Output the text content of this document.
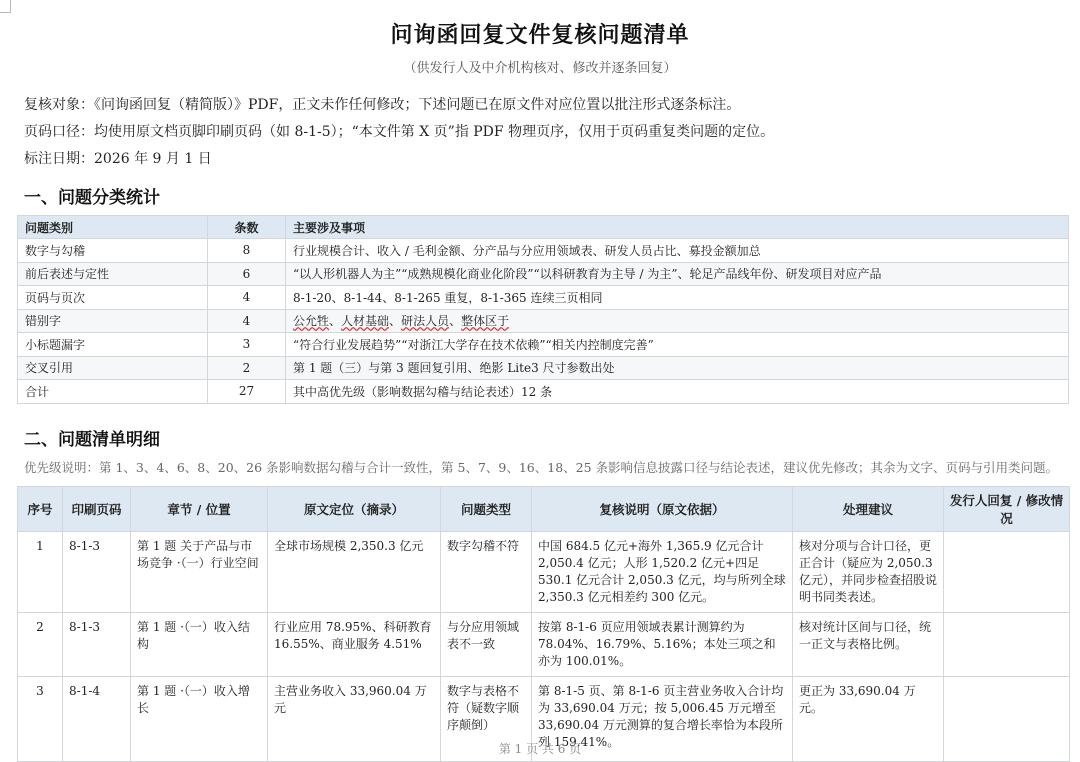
问询函回复文件复核问题清单
（供发行人及中介机构核对、修改并逐条回复）
复核对象：《问询函回复（精简版）》PDF，正文未作任何修改；下述问题已在原文件对应位置以批注形式逐条标注。
页码口径：均使用原文档页脚印刷页码（如 8-1-5）；“本文件第 X 页”指 PDF 物理页序，仅用于页码重复类问题的定位。
标注日期：2026 年 9 月 1 日
一、问题分类统计
问题类别	条数	主要涉及事项
数字与勾稽	8	行业规模合计、收入 / 毛利金额、分产品与分应用领域表、研发人员占比、募投金额加总
前后表述与定性	6	“以人形机器人为主”“成熟规模化商业化阶段”“以科研教育为主导 / 为主”、轮足产品线年份、研发项目对应产品
页码与页次	4	8-1-20、8-1-44、8-1-265 重复，8-1-365 连续三页相同
错别字	4	公允牲、人材基础、研法人员、整体区于
小标题漏字	3	“符合行业发展趋势”“对浙江大学存在技术依赖”“相关内控制度完善”
交叉引用	2	第 1 题（三）与第 3 题回复引用、绝影 Lite3 尺寸参数出处
合计	27	其中高优先级（影响数据勾稽与结论表述）12 条
二、问题清单明细
优先级说明：第 1、3、4、6、8、20、26 条影响数据勾稽与合计一致性，第 5、7、9、16、18、25 条影响信息披露口径与结论表述，建议优先修改；其余为文字、页码与引用类问题。
序号	印刷页码	章节 / 位置	原文定位（摘录）	问题类型	复核说明（原文依据）	处理建议	发行人回复 / 修改情况
1	8-1-3	第 1 题 关于产品与市场竞争 ·（一）行业空间	全球市场规模 2,350.3 亿元	数字勾稽不符	中国 684.5 亿元+海外 1,365.9 亿元合计 2,050.4 亿元；人形 1,520.2 亿元+四足 530.1 亿元合计 2,050.3 亿元，均与所列全球 2,350.3 亿元相差约 300 亿元。	核对分项与合计口径，更正合计（疑应为 2,050.3 亿元），并同步检查招股说明书同类表述。	
2	8-1-3	第 1 题 ·（一）收入结构	行业应用 78.95%、科研教育 16.55%、商业服务 4.51%	与分应用领域表不一致	按第 8-1-6 页应用领域表累计测算约为 78.04%、16.79%、5.16%；本处三项之和亦为 100.01%。	核对统计区间与口径，统一正文与表格比例。	
3	8-1-4	第 1 题 ·（一）收入增长	主营业务收入 33,960.04 万元	数字与表格不符（疑数字顺序颠倒）	第 8-1-5 页、第 8-1-6 页主营业务收入合计均为 33,690.04 万元；按 5,006.45 万元增至 33,690.04 万元测算的复合增长率恰为本段所列 159.41%。	更正为 33,690.04 万元。	
第 1 页 共 6 页
